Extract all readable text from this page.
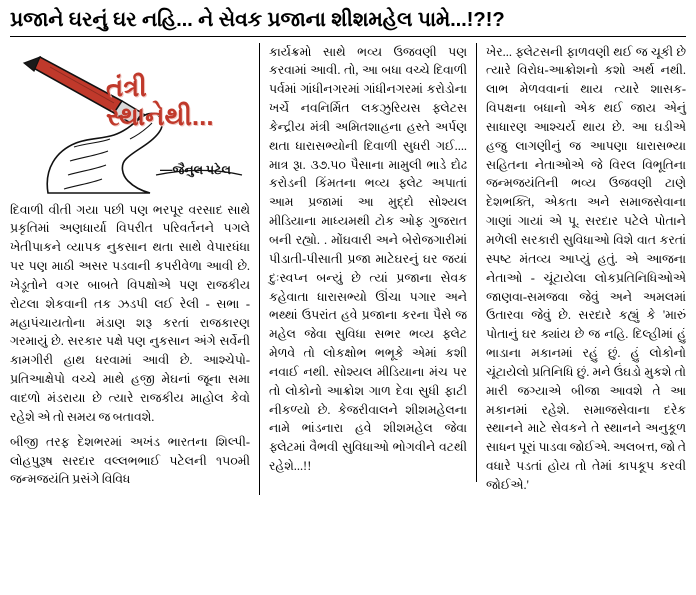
પ્રજાને ઘરનું ઘર નહિ... ને સેવક પ્રજાના શીશમહેલ પામે...!?!?
તંત્રી
સ્થાનેથી...
—જૈનુલ પટેલ

દિવાળી વીતી ગયા પછી પણ ભરપૂર વરસાદ સાથે પ્રકૃતિમાં અણધાર્યા વિપરીત પરિવર્તનને પગલે ખેતીપાકને વ્યાપક નુકસાન થતા સાથે વેપારધંધા પર પણ માઠી અસર પડવાની કપરીવેળા આવી છે. ખેડૂતોને વગર બાબતે વિપક્ષોએ પણ રાજકીય રોટલા શેકવાની તક ઝડપી લઈ રેલી - સભા - મહાપંચાયતોના મંડાણ શરૂ કરતાં રાજકારણ ગરમાયું છે. સરકાર પક્ષે પણ નુકસાન અંગે સર્વેની કામગીરી હાથ ધરવામાં આવી છે. આશ્ચેપો-પ્રતિઆક્ષેપો વચ્ચે માથે હજી મેઘનાં જૂના સમા વાદળો મંડરાયા છે ત્યારે રાજકીય માહોલ કેવો રહેશે એ તો સમય જ બતાવશે.

બીજી તરફ દેશભરમાં અખંડ ભારતના શિલ્પી-લોહપુરૂષ સરદાર વલ્લભભાઈ પટેલની ૧૫૦મી જન્મજયંતિ પ્રસંગે વિવિધ

કાર્યક્રમો સાથે ભવ્ય ઉજવણી પણ કરવામાં આવી. તો, આ બધા વચ્ચે દિવાળી પર્વમાં ગાંધીનગરમાં ગાંધીનગરમાં કરોડોના ખર્ચે નવનિર્મિત લકઝુરિયસ ફ્લેટસ કેન્દ્રીય મંત્રી અમિતશાહના હસ્તે અર્પણ થતા ધારાસભ્યોની દિવાળી સુધરી ગઈ.... માત્ર રૂા. ૩૭.૫૦ પૈસાના મામુલી ભાડે દોઢ કરોડની કિંમતના ભવ્ય ફ્લેટ અપાતાં આમ પ્રજામાં આ મુદ્દો સોશ્યલ મીડિયાના માધ્યમથી ટોક ઓફ ગુજરાત બની રહ્યો. . મોંઘવારી અને બેરોજગારીમાં પીડાતી-પીસાતી પ્રજા માટેઘરનું ઘર જયાં દુઃસ્વપ્ન બન્યું છે ત્યાં પ્રજાના સેવક કહેવાતા ધારાસભ્યો ઊંચા પગાર અને ભથ્થાં ઉપરાંત હવે પ્રજાના કરના પૈસે જ મહેલ જેવા સુવિધા સભર ભવ્ય ફ્લેટ મેળવે તો લોકક્ષોભ ભભૂકે એમાં કશી નવાઈ નથી. સોશ્યલ મીડિયાના મંચ પર તો લોકોનો આક્રોશ ગાળ દેવા સુધી ફાટી નીકળ્યો છે. કેજરીવાલને શીશમહેલના નામે ભાંડનારા હવે શીશમહેલ જેવા ફ્લેટમાં વૈભવી સુવિધાઓ ભોગવીને વટથી રહેશે...!!

ખેર... ફ્લેટસની ફાળવણી થઈ જ ચૂકી છે ત્યારે વિરોધ-આક્રોશનો કશો અર્થ નથી. લાભ મેળવવાનાં થાય ત્યારે શાસક-વિપક્ષના બધાનો એક થઈ જાય એનું સાધારણ આશ્ચર્ય થાય છે. આ ઘડીએ હજુ લાગણીનું જ આપણા ધારાસભ્યા સહિતના નેતાઓએ જે વિરલ વિભૂતિના જન્મજયંતિની ભવ્ય ઉજવણી ટાણે દેશભક્તિ, એકતા અને સમાજસેવાના ગાણાં ગાયાં એ પૂ. સરદાર પટેલે પોતાને મળેલી સરકારી સુવિધાઓ વિશે વાત કરતાં સ્પષ્ટ મંતવ્ય આપ્યું હતું. એ આજના નેતાઓ - ચૂંટાયેલા લોકપ્રતિનિધિઓએ જાણવા-સમજવા જેવું અને અમલમાં ઉતારવા જેવું છે. સરદારે કહ્યું કે 'મારું પોતાનું ઘર ક્યાંય છે જ નહિ. દિલ્હીમાં હું ભાડાના મકાનમાં રહું છું. હું લોકોનો ચૂંટાયેલો પ્રતિનિધિ છું. મને ઉંઘડો મુકશે તો મારી જગ્યાએ બીજા આવશે તે આ મકાનમાં રહેશે. સમાજસેવાના દરેક સ્થાનને માટે સેવકને તે સ્થાનને અનુકૂળ સાધન પૂરાં પાડવા જોઈએ. અલબત્ત, જો તે વધારે પડતાં હોય તો તેમાં કાપકૂપ કરવી જોઈએ.'
